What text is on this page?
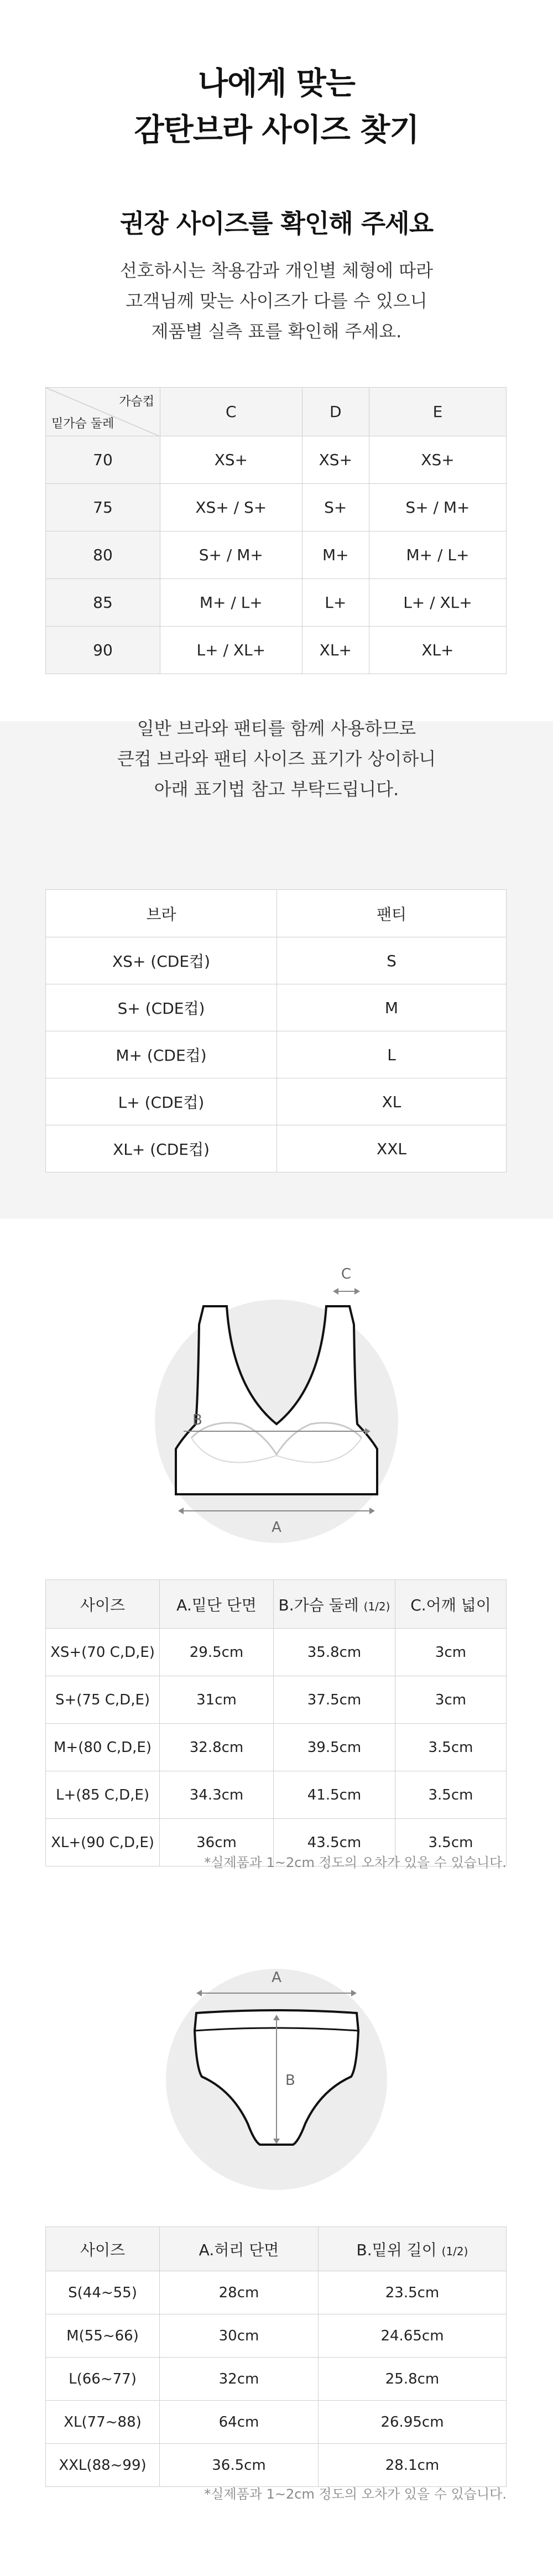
나에게 맞는
감탄브라 사이즈 찾기
권장 사이즈를 확인해 주세요
선호하시는 착용감과 개인별 체형에 따라
고객님께 맞는 사이즈가 다를 수 있으니
제품별 실측 표를 확인해 주세요.
가슴컵
밑가슴 둘레	C	D	E
70	XS+	XS+	XS+
75	XS+ / S+	S+	S+ / M+
80	S+ / M+	M+	M+ / L+
85	M+ / L+	L+	L+ / XL+
90	L+ / XL+	XL+	XL+
일반 브라와 팬티를 함께 사용하므로
큰컵 브라와 팬티 사이즈 표기가 상이하니
아래 표기법 참고 부탁드립니다.
브라	팬티
XS+ (CDE컵)	S
S+ (CDE컵)	M
M+ (CDE컵)	L
L+ (CDE컵)	XL
XL+ (CDE컵)	XXL
C
B
A
사이즈	A.밑단 단면	B.가슴 둘레 (1/2)	C.어깨 넓이
XS+(70 C,D,E)	29.5cm	35.8cm	3cm
S+(75 C,D,E)	31cm	37.5cm	3cm
M+(80 C,D,E)	32.8cm	39.5cm	3.5cm
L+(85 C,D,E)	34.3cm	41.5cm	3.5cm
XL+(90 C,D,E)	36cm	43.5cm	3.5cm
*실제품과 1~2cm 정도의 오차가 있을 수 있습니다.
A
B
사이즈	A.허리 단면	B.밑위 길이 (1/2)
S(44~55)	28cm	23.5cm
M(55~66)	30cm	24.65cm
L(66~77)	32cm	25.8cm
XL(77~88)	64cm	26.95cm
XXL(88~99)	36.5cm	28.1cm
*실제품과 1~2cm 정도의 오차가 있을 수 있습니다.
